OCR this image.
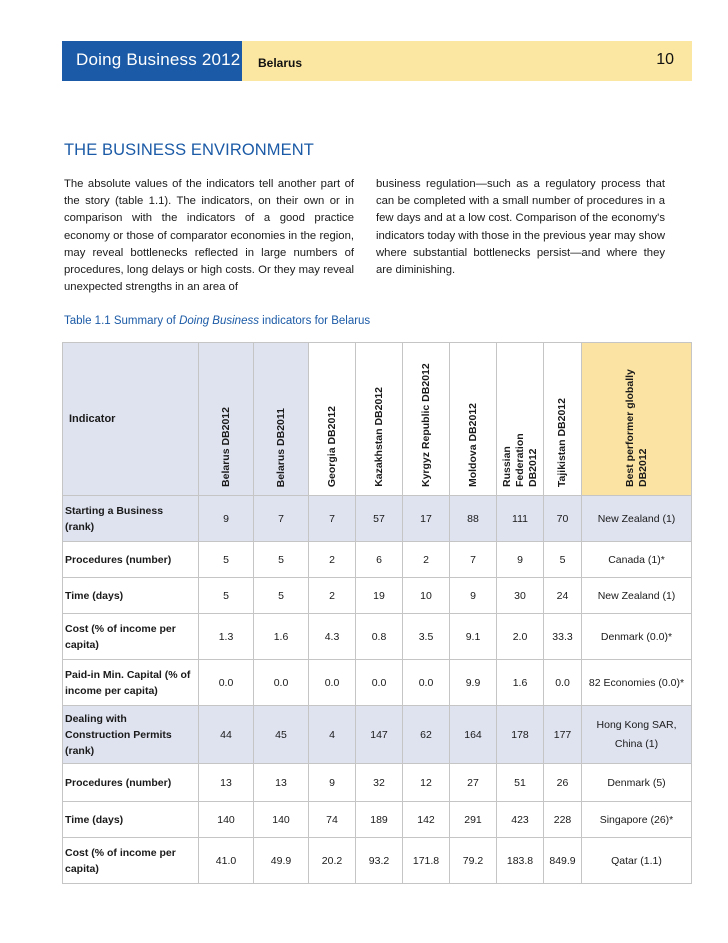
Doing Business 2012 Belarus	10
THE BUSINESS ENVIRONMENT
The absolute values of the indicators tell another part of the story (table 1.1). The indicators, on their own or in comparison with the indicators of a good practice economy or those of comparator economies in the region, may reveal bottlenecks reflected in large numbers of procedures, long delays or high costs. Or they may reveal unexpected strengths in an area of
business regulation—such as a regulatory process that can be completed with a small number of procedures in a few days and at a low cost. Comparison of the economy's indicators today with those in the previous year may show where substantial bottlenecks persist—and where they are diminishing.
Table 1.1 Summary of Doing Business indicators for Belarus
Indicator	Belarus DB2012	Belarus DB2011	Georgia DB2012	Kazakhstan DB2012	Kyrgyz Republic DB2012	Moldova DB2012	Russian Federation DB2012	Tajikistan DB2012	Best performer globally DB2012

Starting a Business (rank)	9	7	7	57	17	88	111	70	New Zealand (1)
Procedures (number)	5	5	2	6	2	7	9	5	Canada (1)*
Time (days)	5	5	2	19	10	9	30	24	New Zealand (1)
Cost (% of income per capita)	1.3	1.6	4.3	0.8	3.5	9.1	2.0	33.3	Denmark (0.0)*
Paid-in Min. Capital (% of income per capita)	0.0	0.0	0.0	0.0	0.0	9.9	1.6	0.0	82 Economies (0.0)*
Dealing with Construction Permits (rank)	44	45	4	147	62	164	178	177	Hong Kong SAR, China (1)
Procedures (number)	13	13	9	32	12	27	51	26	Denmark (5)
Time (days)	140	140	74	189	142	291	423	228	Singapore (26)*
Cost (% of income per capita)	41.0	49.9	20.2	93.2	171.8	79.2	183.8	849.9	Qatar (1.1)
